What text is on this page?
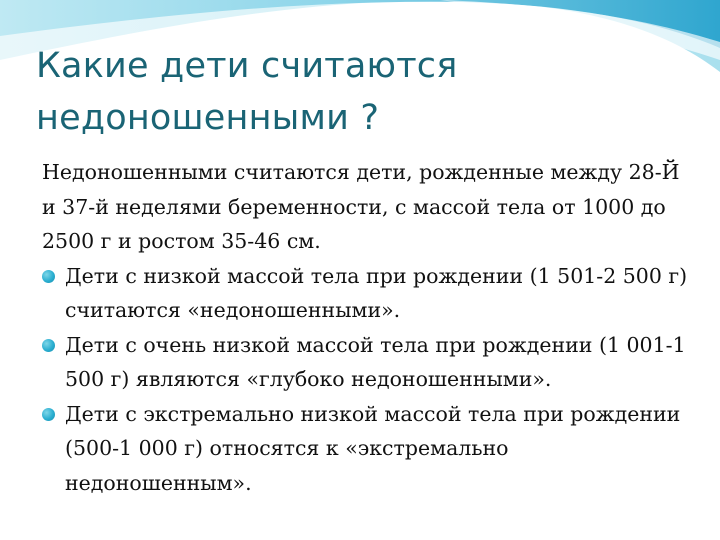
Какие дети считаются недоношенными ?

Недоношенными считаются дети, рожденные между 28-Й и 37-й неделями беременности, с массой тела от 1000 до 2500 г и ростом 35-46 см.

Дети с низкой массой тела при рождении (1 501-2 500 г) считаются «недоношенными».
Дети с очень низкой массой тела при рождении (1 001-1 500 г) являются «глубоко недоношенными».
Дети с экстремально низкой массой тела при рождении (500-1 000 г) относятся к «экстремально недоношенным».
